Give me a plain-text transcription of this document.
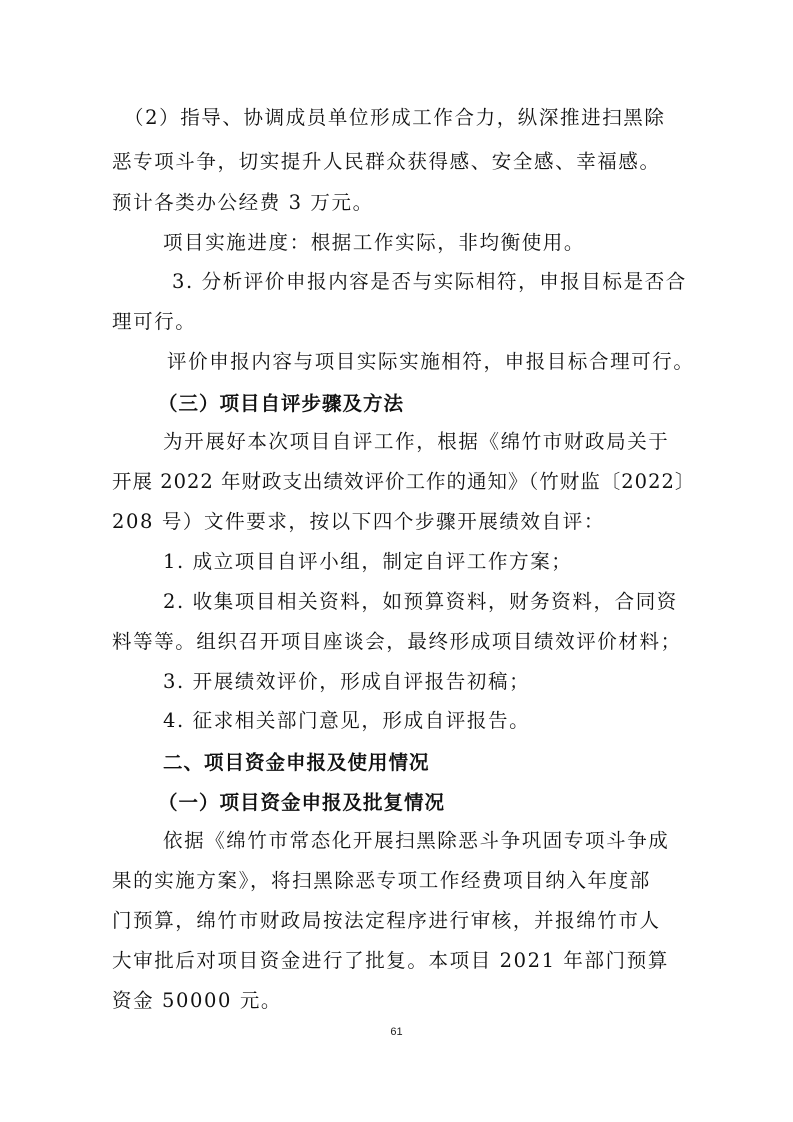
（2）指导、协调成员单位形成工作合力，纵深推进扫黑除
恶专项斗争，切实提升人民群众获得感、安全感、幸福感。
预计各类办公经费 3 万元。
项目实施进度：根据工作实际，非均衡使用。
3. 分析评价申报内容是否与实际相符，申报目标是否合
理可行。
评价申报内容与项目实际实施相符，申报目标合理可行。
（三）项目自评步骤及方法
为开展好本次项目自评工作，根据《绵竹市财政局关于
开展 2022 年财政支出绩效评价工作的通知》（竹财监〔2022〕
208 号）文件要求，按以下四个步骤开展绩效自评：
1. 成立项目自评小组，制定自评工作方案；
2. 收集项目相关资料，如预算资料，财务资料，合同资
料等等。组织召开项目座谈会，最终形成项目绩效评价材料；
3. 开展绩效评价，形成自评报告初稿；
4. 征求相关部门意见，形成自评报告。
二、项目资金申报及使用情况
（一）项目资金申报及批复情况
依据《绵竹市常态化开展扫黑除恶斗争巩固专项斗争成
果的实施方案》，将扫黑除恶专项工作经费项目纳入年度部
门预算，绵竹市财政局按法定程序进行审核，并报绵竹市人
大审批后对项目资金进行了批复。本项目 2021 年部门预算
资金 50000 元。
61
